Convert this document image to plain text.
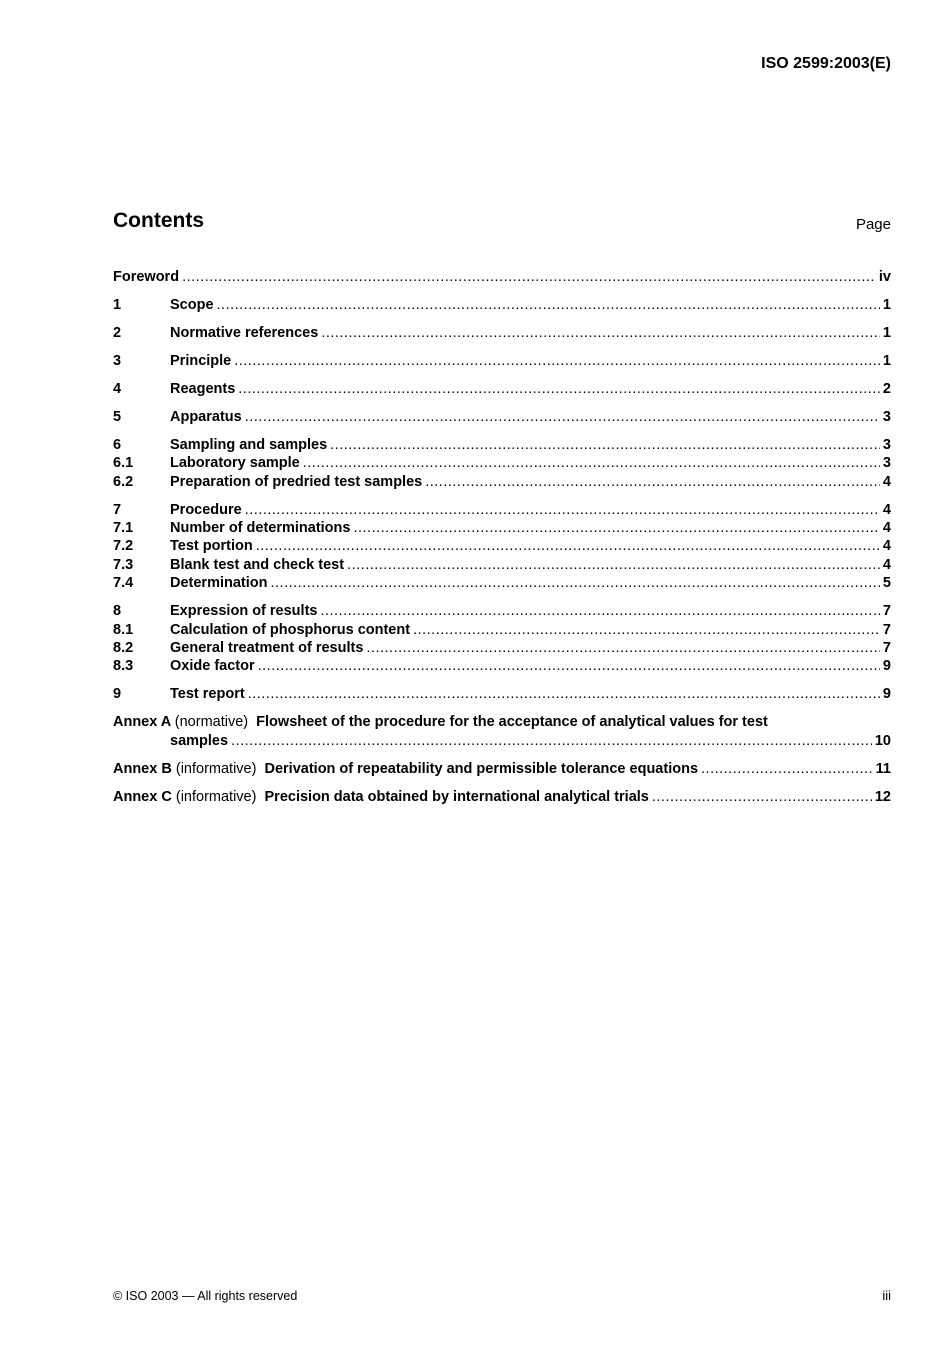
ISO 2599:2003(E)
Contents	Page
Foreword .....	iv
1	Scope .....	1
2	Normative references .....	1
3	Principle .....	1
4	Reagents .....	2
5	Apparatus .....	3
6	Sampling and samples .....	3
6.1	Laboratory sample .....	3
6.2	Preparation of predried test samples .....	4
7	Procedure .....	4
7.1	Number of determinations .....	4
7.2	Test portion .....	4
7.3	Blank test and check test .....	4
7.4	Determination .....	5
8	Expression of results .....	7
8.1	Calculation of phosphorus content .....	7
8.2	General treatment of results .....	7
8.3	Oxide factor .....	9
9	Test report .....	9
Annex A (normative) Flowsheet of the procedure for the acceptance of analytical values for test
samples .....	10
Annex B (informative) Derivation of repeatability and permissible tolerance equations .....	11
Annex C (informative) Precision data obtained by international analytical trials .....	12
© ISO 2003 — All rights reserved	iii
